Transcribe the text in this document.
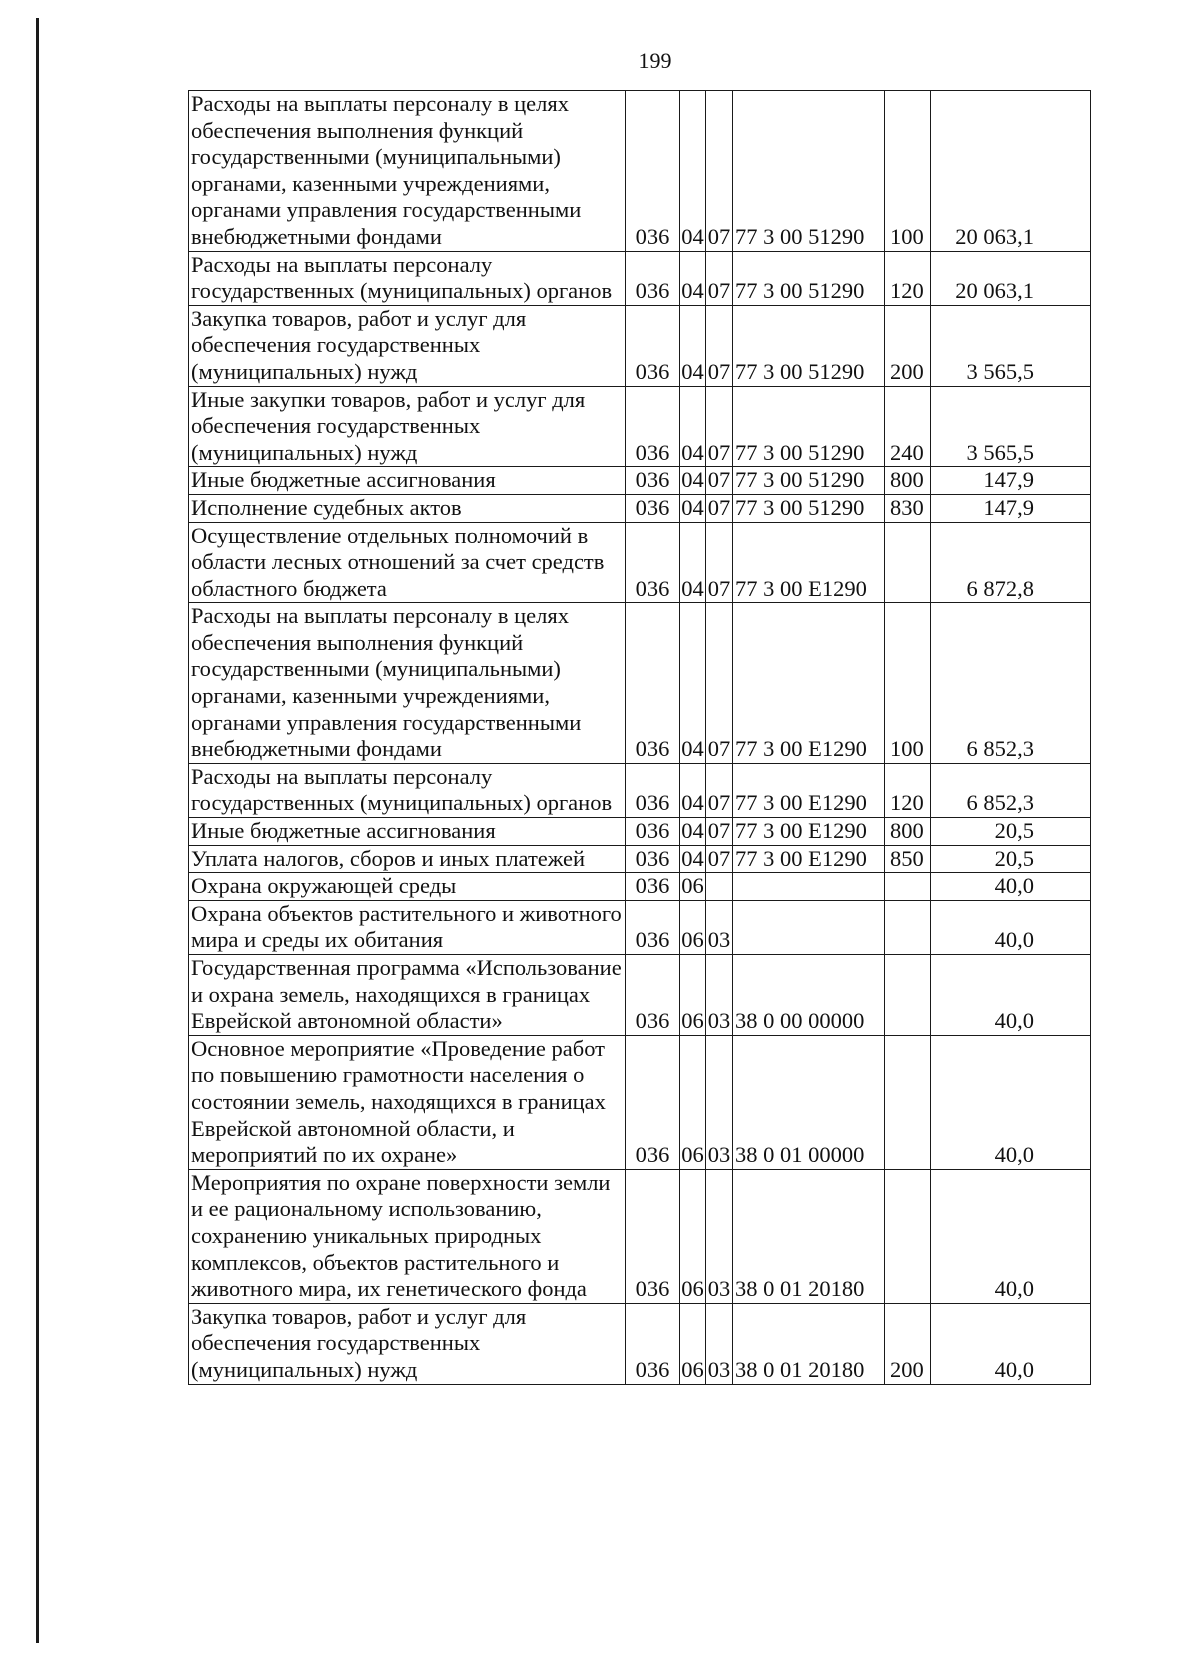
199
Расходы на выплаты персоналу в целях обеспечения выполнения функций государственными (муниципальными) органами, казенными учреждениями, органами управления государственными внебюджетными фондами	036	04	07	77 3 00 51290	100	20 063,1
Расходы на выплаты персоналу государственных (муниципальных) органов	036	04	07	77 3 00 51290	120	20 063,1
Закупка товаров, работ и услуг для обеспечения государственных (муниципальных) нужд	036	04	07	77 3 00 51290	200	3 565,5
Иные закупки товаров, работ и услуг для обеспечения государственных (муниципальных) нужд	036	04	07	77 3 00 51290	240	3 565,5
Иные бюджетные ассигнования	036	04	07	77 3 00 51290	800	147,9
Исполнение судебных актов	036	04	07	77 3 00 51290	830	147,9
Осуществление отдельных полномочий в области лесных отношений за счет средств областного бюджета	036	04	07	77 3 00 Е1290		6 872,8
Расходы на выплаты персоналу в целях обеспечения выполнения функций государственными (муниципальными) органами, казенными учреждениями, органами управления государственными внебюджетными фондами	036	04	07	77 3 00 Е1290	100	6 852,3
Расходы на выплаты персоналу государственных (муниципальных) органов	036	04	07	77 3 00 Е1290	120	6 852,3
Иные бюджетные ассигнования	036	04	07	77 3 00 Е1290	800	20,5
Уплата налогов, сборов и иных платежей	036	04	07	77 3 00 Е1290	850	20,5
Охрана окружающей среды	036	06				40,0
Охрана объектов растительного и животного мира и среды их обитания	036	06	03			40,0
Государственная программа «Использование и охрана земель, находящихся в границах Еврейской автономной области»	036	06	03	38 0 00 00000		40,0
Основное мероприятие «Проведение работ по повышению грамотности населения о состоянии земель, находящихся в границах Еврейской автономной области, и мероприятий по их охране»	036	06	03	38 0 01 00000		40,0
Мероприятия по охране поверхности земли и ее рациональному использованию, сохранению уникальных природных комплексов, объектов растительного и животного мира, их генетического фонда	036	06	03	38 0 01 20180		40,0
Закупка товаров, работ и услуг для обеспечения государственных (муниципальных) нужд	036	06	03	38 0 01 20180	200	40,0
